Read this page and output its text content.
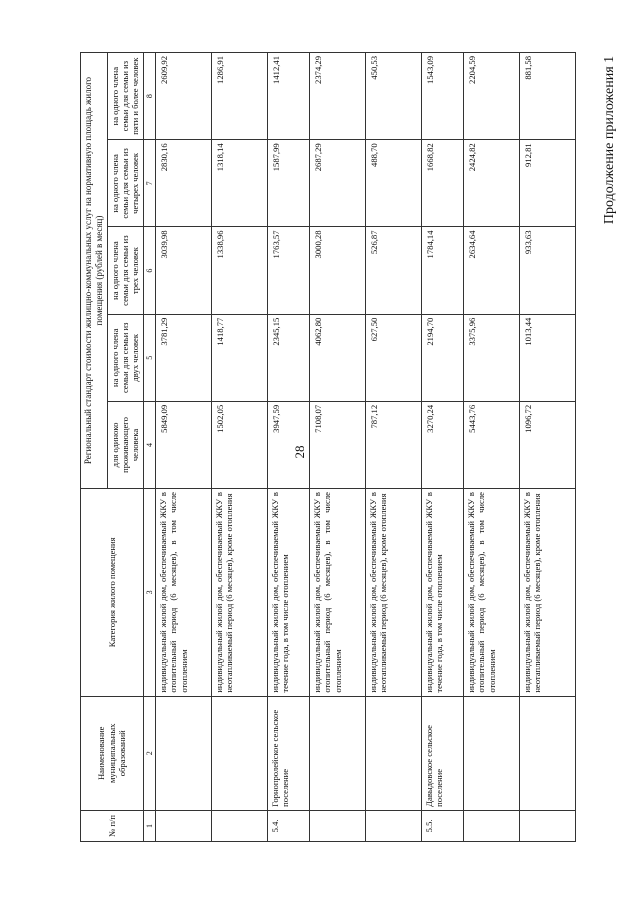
28
Продолжение приложения 1
№ п/п	Наименование муниципальных образований	Категория жилого помещения	Региональный стандарт стоимости жилищно-коммунальных услуг на нормативную площадь жилого помещения (рублей в месяц)				
			для одиноко проживающего человека	на одного члена семьи для семьи из двух человек	на одного члена семьи для семьи из трех человек	на одного члена семьи для семьи из четырех человек	на одного члена семьи для семьи из пяти и более человек
1	2	3	4	5	6	7	8
		индивидуальный жилой дом, обеспечиваемый ЖКУ в отопительный период (6 месяцев), в том числе отоплением	5849,09	3781,29	3039,98	2830,16	2609,92
		индивидуальный жилой дом, обеспечиваемый ЖКУ в неотапливаемый период (6 месяцев), кроме отопления	1502,05	1418,77	1338,96	1318,14	1286,91
5.4.	Горнопролейское сельское поселение	индивидуальный жилой дом, обеспечиваемый ЖКУ в течение года, в том числе отоплением	3947,59	2345,15	1763,57	1587,99	1412,41
		индивидуальный жилой дом, обеспечиваемый ЖКУ в отопительный период (6 месяцев), в том числе отоплением	7108,07	4062,80	3000,28	2687,29	2374,29
		индивидуальный жилой дом, обеспечиваемый ЖКУ в неотапливаемый период (6 месяцев), кроме отопления	787,12	627,50	526,87	488,70	450,53
5.5.	Давыдовское сельское поселение	индивидуальный жилой дом, обеспечиваемый ЖКУ в течение года, в том числе отоплением	3270,24	2194,70	1784,14	1668,82	1543,09
		индивидуальный жилой дом, обеспечиваемый ЖКУ в отопительный период (6 месяцев), в том числе отоплением	5443,76	3375,96	2634,64	2424,82	2204,59
		индивидуальный жилой дом, обеспечиваемый ЖКУ в неотапливаемый период (6 месяцев), кроме отопления	1096,72	1013,44	933,63	912,81	881,58
